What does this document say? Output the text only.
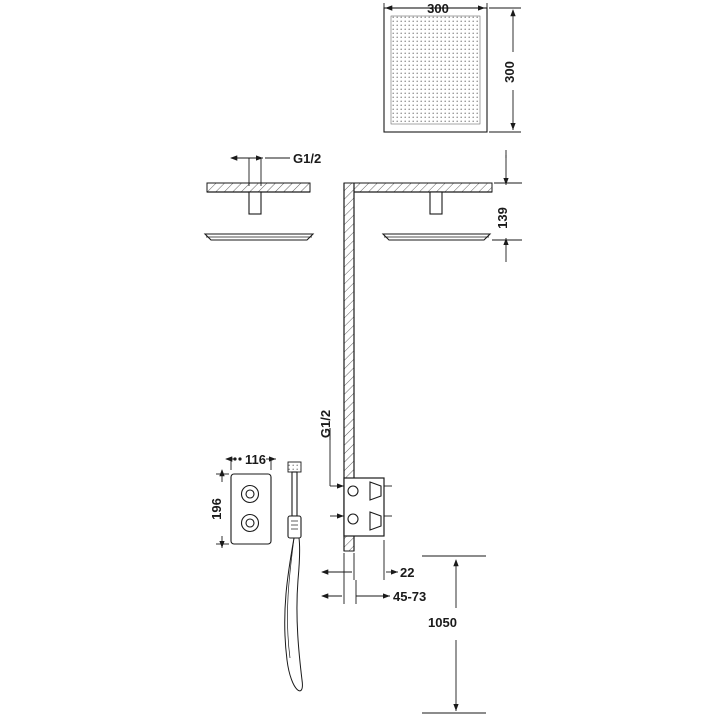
300
300
G1/2
139
G1/2
116
196
22
45-73
1050
